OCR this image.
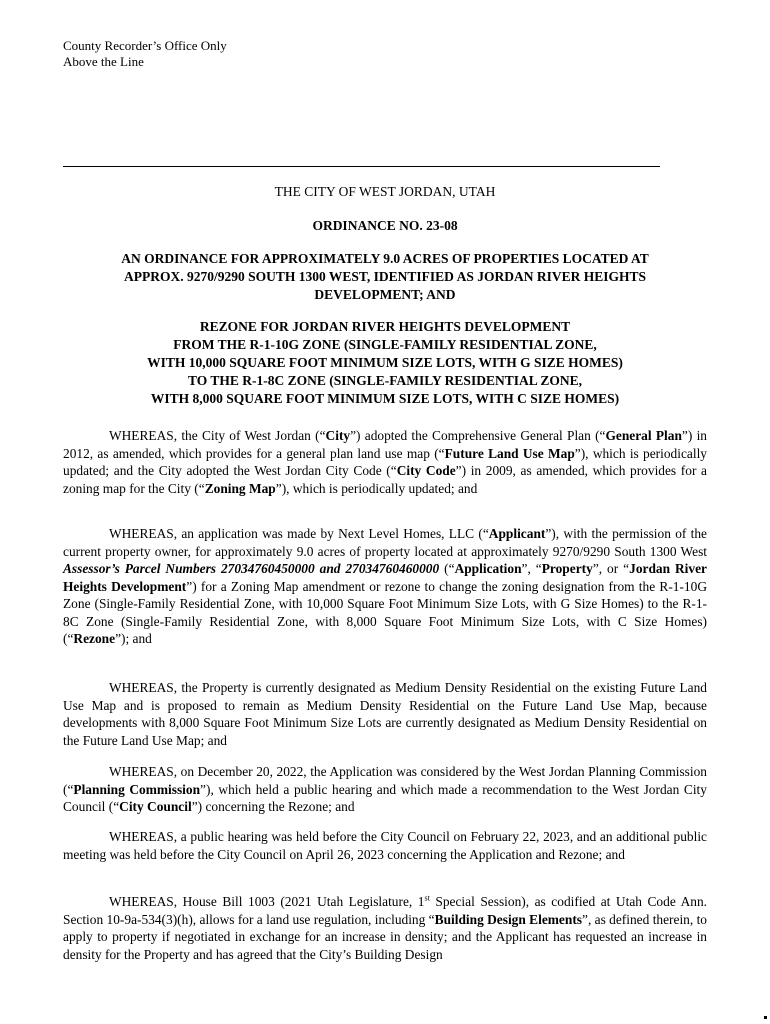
County Recorder’s Office Only
Above the Line
THE CITY OF WEST JORDAN, UTAH
ORDINANCE NO. 23-08
AN ORDINANCE FOR APPROXIMATELY 9.0 ACRES OF PROPERTIES LOCATED AT
APPROX. 9270/9290 SOUTH 1300 WEST, IDENTIFIED AS JORDAN RIVER HEIGHTS
DEVELOPMENT; AND
REZONE FOR JORDAN RIVER HEIGHTS DEVELOPMENT
FROM THE R-1-10G ZONE (SINGLE-FAMILY RESIDENTIAL ZONE,
WITH 10,000 SQUARE FOOT MINIMUM SIZE LOTS, WITH G SIZE HOMES)
TO THE R-1-8C ZONE (SINGLE-FAMILY RESIDENTIAL ZONE,
WITH 8,000 SQUARE FOOT MINIMUM SIZE LOTS, WITH C SIZE HOMES)

WHEREAS, the City of West Jordan (“City”) adopted the Comprehensive General Plan (“General Plan”) in 2012, as amended, which provides for a general plan land use map (“Future Land Use Map”), which is periodically updated; and the City adopted the West Jordan City Code (“City Code”) in 2009, as amended, which provides for a zoning map for the City (“Zoning Map”), which is periodically updated; and

WHEREAS, an application was made by Next Level Homes, LLC (“Applicant”), with the permission of the current property owner, for approximately 9.0 acres of property located at approximately 9270/9290 South 1300 West Assessor’s Parcel Numbers 27034760450000 and 27034760460000 (“Application”, “Property”, or “Jordan River Heights Development”) for a Zoning Map amendment or rezone to change the zoning designation from the R-1-10G Zone (Single-Family Residential Zone, with 10,000 Square Foot Minimum Size Lots, with G Size Homes) to the R-1-8C Zone (Single-Family Residential Zone, with 8,000 Square Foot Minimum Size Lots, with C Size Homes) (“Rezone”); and

WHEREAS, the Property is currently designated as Medium Density Residential on the existing Future Land Use Map and is proposed to remain as Medium Density Residential on the Future Land Use Map, because developments with 8,000 Square Foot Minimum Size Lots are currently designated as Medium Density Residential on the Future Land Use Map; and

WHEREAS, on December 20, 2022, the Application was considered by the West Jordan Planning Commission (“Planning Commission”), which held a public hearing and which made a recommendation to the West Jordan City Council (“City Council”) concerning the Rezone; and

WHEREAS, a public hearing was held before the City Council on February 22, 2023, and an additional public meeting was held before the City Council on April 26, 2023 concerning the Application and Rezone; and

WHEREAS, House Bill 1003 (2021 Utah Legislature, 1st Special Session), as codified at Utah Code Ann. Section 10-9a-534(3)(h), allows for a land use regulation, including “Building Design Elements”, as defined therein, to apply to property if negotiated in exchange for an increase in density; and the Applicant has requested an increase in density for the Property and has agreed that the City’s Building Design
